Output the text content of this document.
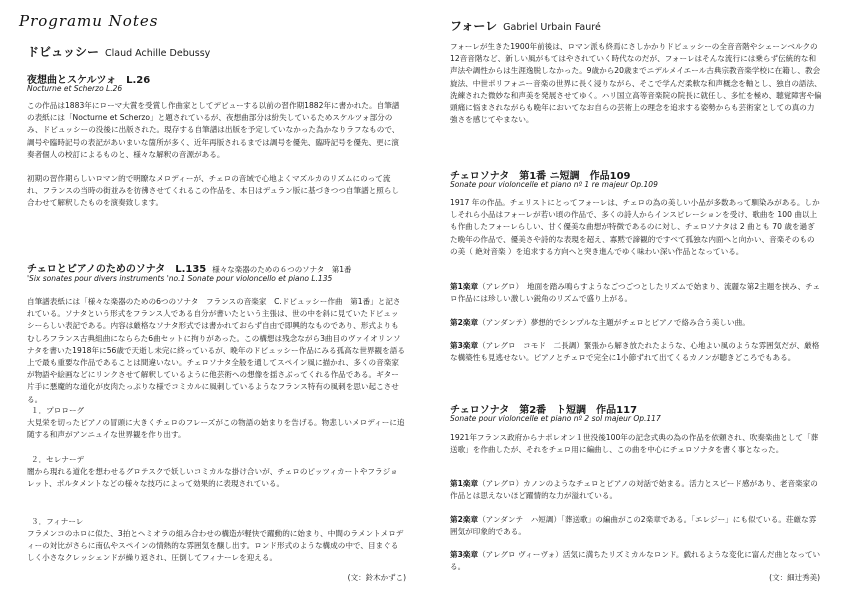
Programu Notes
ドビュッシー Claud Achille Debussy
夜想曲とスケルツォ　L.26
Nocturne et Scherzo L.26

この作品は1883年にローマ大賞を受賞し作曲家としてデビューする以前の習作期1882年に書かれた。自筆譜の表紙には「Nocturne et Scherzo」と題されているが、夜想曲部分は紛失しているためスケルツォ部分のみ、ドビュッシーの没後に出版された。現存する自筆譜は出版を予定していなかった為かなりラフなもので、調号や臨時記号の表記があいまいな箇所が多く、近年再版されるまでは調号を優先、臨時記号を優先、更に演奏者個人の校訂によるものと、様々な解釈の音源がある。

初期の習作期らしいロマン的で明瞭なメロディーが、チェロの音域で心地よくマズルカのリズムにのって流れ、フランスの当時の街並みを彷彿させてくれるこの作品を、本日はデュラン版に基づきつつ自筆譜と照らし合わせて解釈したものを演奏致します。

チェロとピアノのためのソナタ　L.135 様々な楽器のための６つのソナタ　第1番
'Six sonates pour divers instruments 'no.1 Sonate pour violoncello et piano L.135

自筆譜表紙には「様々な楽器のための6つのソナタ　フランスの音楽家　C.ドビュッシー作曲　第1番」と記されている。ソナタという形式をフランス人である自分が書いたという主張は、世の中を斜に見ていたドビュッシーらしい表記である。内容は厳格なソナタ形式では書かれておらず自由で即興的なものであり、形式よりもむしろフランス古典組曲になららた6曲セットに拘りがあった。この構想は残念ながら3曲目のヴァイオリンソナタを書いた1918年に56歳で天逝し未完に終っているが、晩年のドビュッシー作品にみる孤高な世界観を語る上で最も重要な作品であることは間違いない。チェロソナタ全般を通してスペイン風に描かれ、多くの音楽家が物語や絵画などにリンクさせて解釈しているように他芸術への想像を揺さぶってくれる作品である。ギター片手に悪魔的な道化が皮肉たっぷりな様でコミカルに風刺しているようなフランス特有の風刺を思い起こさせる。

１．プロローグ

大見栄を切ったピアノの冒頭に大きくチェロのフレーズがこの物語の始まりを告げる。物悲しいメロディーに追随する和声がアンニュイな世界観を作り出す。

２．セレナーデ

闇から現れる道化を想わせるグロテスクで妖しいコミカルな掛け合いが、チェロのピッツィカートやフラジョレット、ポルタメントなどの様々な技巧によって効果的に表現されている。

３．フィナーレ

フラメンコのホロに似た、3拍とヘミオラの組み合わせの構造が軽快で躍動的に始まり、中間のラメントメロディーの対比がさらに南仏やスペインの情熱的な雰囲気を醸し出す。ロンド形式のような構成の中で、目まぐるしく小さなクレッシェンドが繰り返され、圧倒してフィナーレを迎える。

(文：鈴木かずこ)
フォーレ Gabriel Urbain Fauré

フォーレが生きた1900年前後は、ロマン派も終焉にさしかかりドビュッシーの全音音階やシェーンベルクの12音音階など、新しい風がもてはやされていく時代なのだが、フォーレはそんな流行には乗らず伝統的な和声法や調性からは生涯逸脱しなかった。9歳から20歳までニデルメイエール古典宗教音楽学校に在籍し、教会旋法、中世ポリフォニー音楽の世界に長く浸りながら、そこで学んだ柔軟な和声概念を軸とし、独自の語法、洗練された微妙な和声美を発展させてゆく。ハリ国立高等音楽院の院長に就任し、多忙を極め、聴覚障害や偏頭痛に悩まされながらも晩年においてなお自らの芸術上の理念を追求する姿勢からも芸術家としての真の力強さを感じてやまない。

チェロソナタ　第1番 ニ短調　作品109
Sonate pour violoncelle et piano nº 1 re majeur Op.109

1917 年の作品。チェリストにとってフォーレは、チェロの為の美しい小品が多数あって馴染みがある。しかしそれら小品はフォーレが若い頃の作品で、多くの詩人からインスピレーションを受け、歌曲を 100 曲以上も作曲したフォーレらしい、甘く優美な曲想が特徴であるのに対し、チェロソナタは 2 曲とも 70 歳を過ぎた晩年の作品で、優美さや詩的な表現を超え、寡黙で諦観的ですべて孤独な内面へと向かい、音楽そのものの美（ 絶対音楽 ）を追求する方向へと突き進んでゆく味わい深い作品となっている。

第1楽章（アレグロ）　地面を踏み鳴らすようなごつごつとしたリズムで始まり、流麗な第2主題を挟み、チェロ作品には珍しい激しい鋭角のリズムで盛り上がる。

第2楽章（アンダンテ）夢想的でシンプルな主題がチェロとピアノで絡み合う美しい曲。

第3楽章（アレグロ　コモド　二長調）緊張から解き放たれたような、心地よい風のような雰囲気だが、厳格な構築性も見逃せない。ピアノとチェロで完全に1小節ずれて出てくるカノンが聴きどころでもある。

チェロソナタ　第2番　ト短調　作品117
Sonate pour violoncelle et piano nº 2 sol majeur Op.117

1921年フランス政府からナポレオン１世没後100年の記念式典の為の作品を依頼され、吹奏楽曲として「葬送歌」を作曲したが、それをチェロ用に編曲し、この曲を中心にチェロソナタを書く事となった。

第1楽章（アレグロ）カノンのようなチェロとピアノの対話で始まる。活力とスピード感があり、老音楽家の作品とは思えないほど躍情的な力が溢れている。

第2楽章（アンダンテ　ハ短調）「葬送歌」の編曲がこの2楽章である。「エレジー」にも似ている。荘厳な雰囲気が印象的である。

第3楽章（アレグロ ヴィーヴォ）活気に満ちたリズミカルなロンド。戯れるような変化に富んだ曲となっている。

(文：細辻秀美)
